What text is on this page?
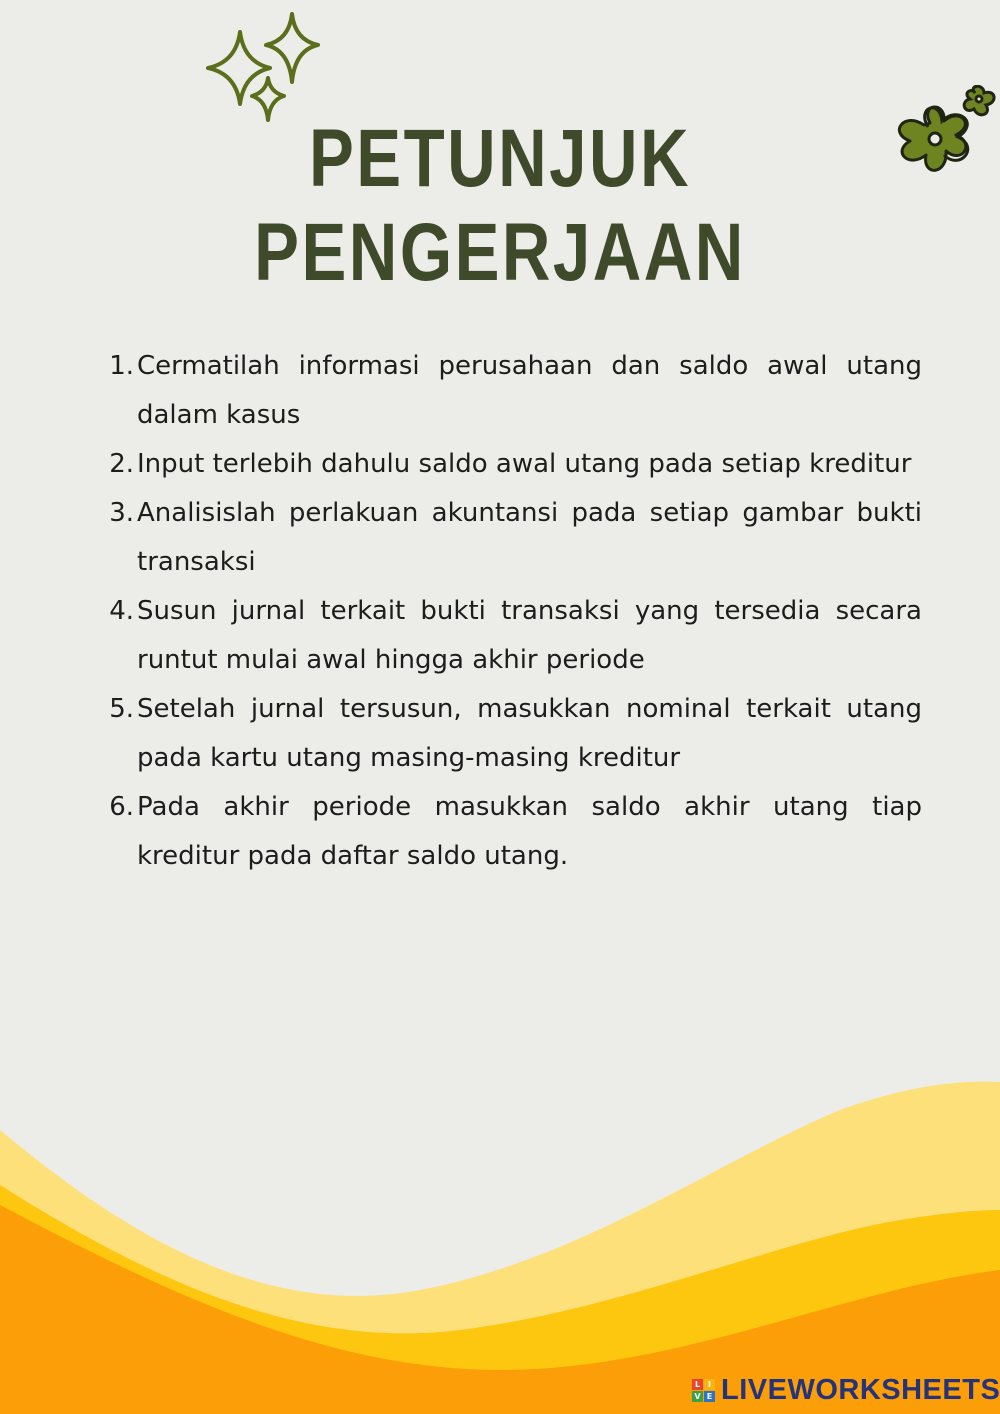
PETUNJUK
PENGERJAAN
1. Cermatilah informasi perusahaan dan saldo awal utang dalam kasus
2. Input terlebih dahulu saldo awal utang pada setiap kreditur
3. Analisislah perlakuan akuntansi pada setiap gambar bukti transaksi
4. Susun jurnal terkait bukti transaksi yang tersedia secara runtut mulai awal hingga akhir periode
5. Setelah jurnal tersusun, masukkan nominal terkait utang pada kartu utang masing-masing kreditur
6. Pada akhir periode masukkan saldo akhir utang tiap kreditur pada daftar saldo utang.
L I
V E LIVEWORKSHEETS
